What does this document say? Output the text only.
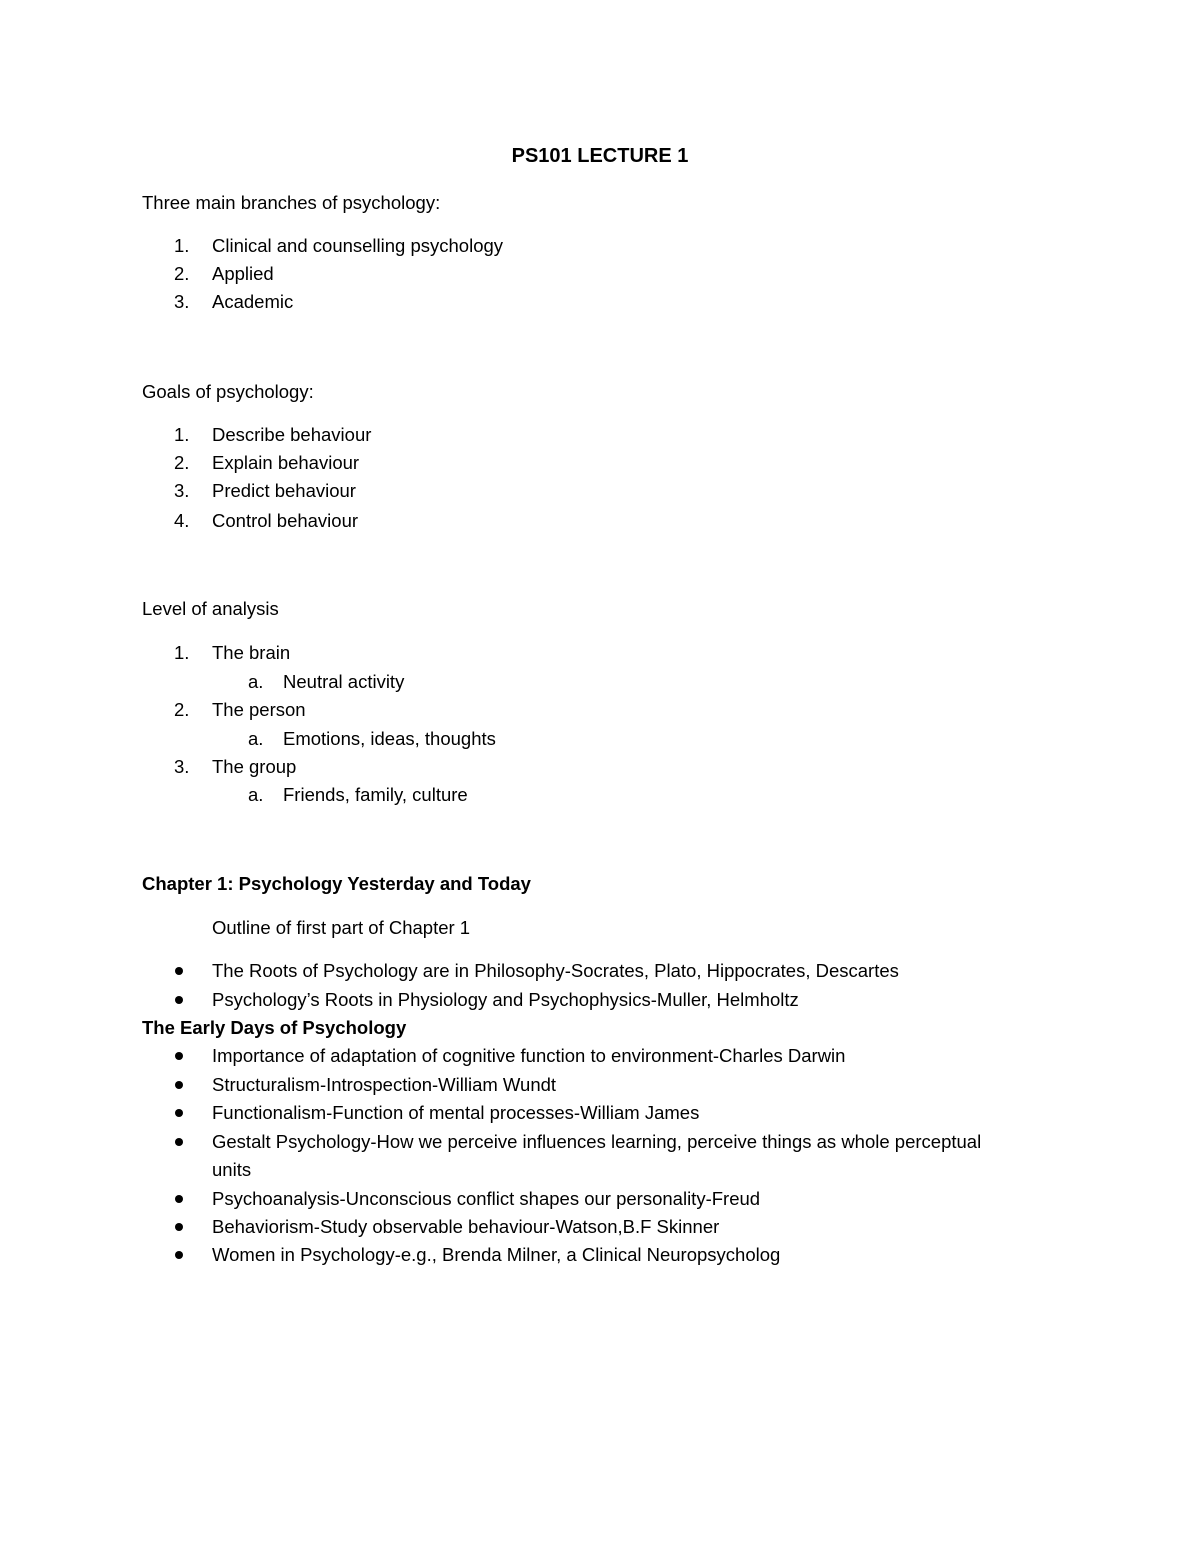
PS101 LECTURE 1
Three main branches of psychology:
1. Clinical and counselling psychology
2. Applied
3. Academic
Goals of psychology:
1. Describe behaviour
2. Explain behaviour
3. Predict behaviour
4. Control behaviour
Level of analysis
1. The brain
a. Neutral activity
2. The person
a. Emotions, ideas, thoughts
3. The group
a. Friends, family, culture
Chapter 1: Psychology Yesterday and Today
Outline of first part of Chapter 1
The Roots of Psychology are in Philosophy-Socrates, Plato, Hippocrates, Descartes
Psychology’s Roots in Physiology and Psychophysics-Muller, Helmholtz
The Early Days of Psychology
Importance of adaptation of cognitive function to environment-Charles Darwin
Structuralism-Introspection-William Wundt
Functionalism-Function of mental processes-William James
Gestalt Psychology-How we perceive influences learning, perceive things as whole perceptual
units
Psychoanalysis-Unconscious conflict shapes our personality-Freud
Behaviorism-Study observable behaviour-Watson,B.F Skinner
Women in Psychology-e.g., Brenda Milner, a Clinical Neuropsycholog
